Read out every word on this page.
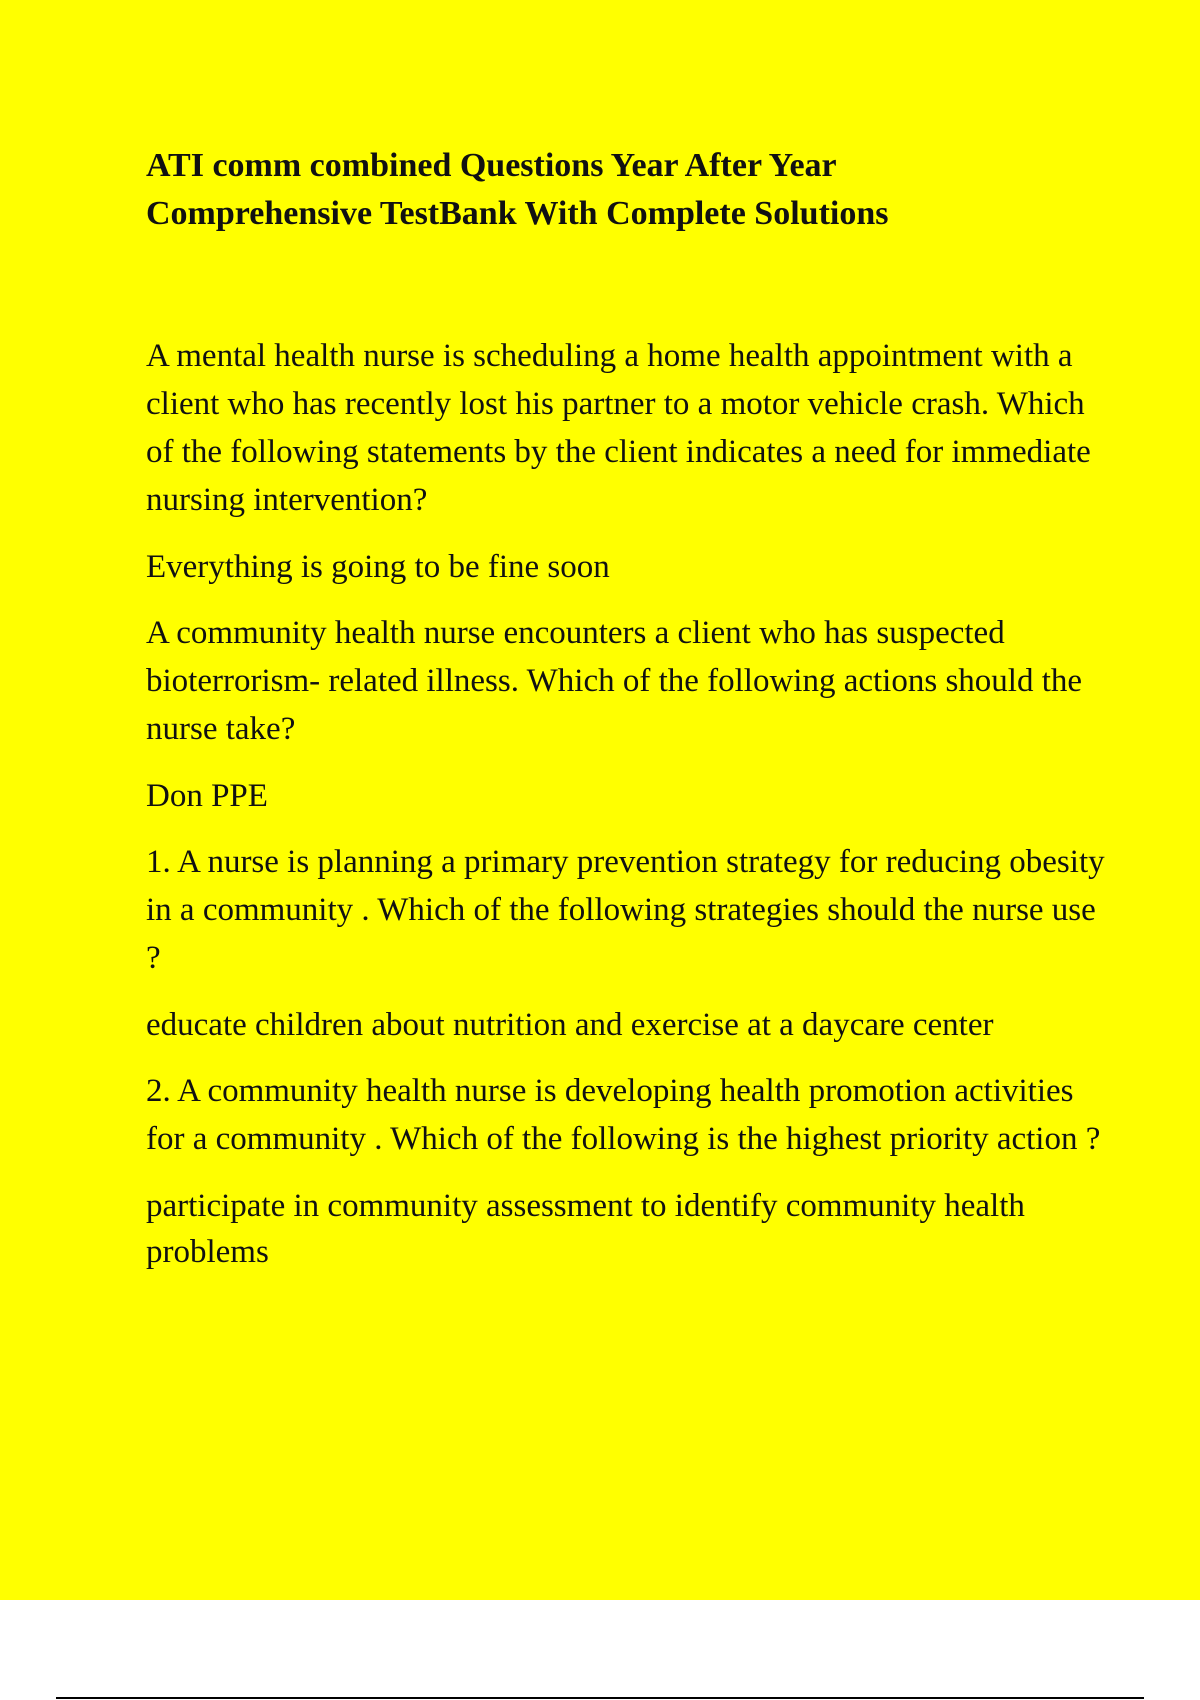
ATI comm combined Questions Year After Year
Comprehensive TestBank With Complete Solutions

A mental health nurse is scheduling a home health appointment with a client who has recently lost his partner to a motor vehicle crash. Which of the following statements by the client indicates a need for immediate nursing intervention?

Everything is going to be fine soon

A community health nurse encounters a client who has suspected bioterrorism- related illness. Which of the following actions should the nurse take?

Don PPE

1. A nurse is planning a primary prevention strategy for reducing obesity in a community . Which of the following strategies should the nurse use ?

educate children about nutrition and exercise at a daycare center

2. A community health nurse is developing health promotion activities for a community . Which of the following is the highest priority action ?

participate in community assessment to identify community health problems
